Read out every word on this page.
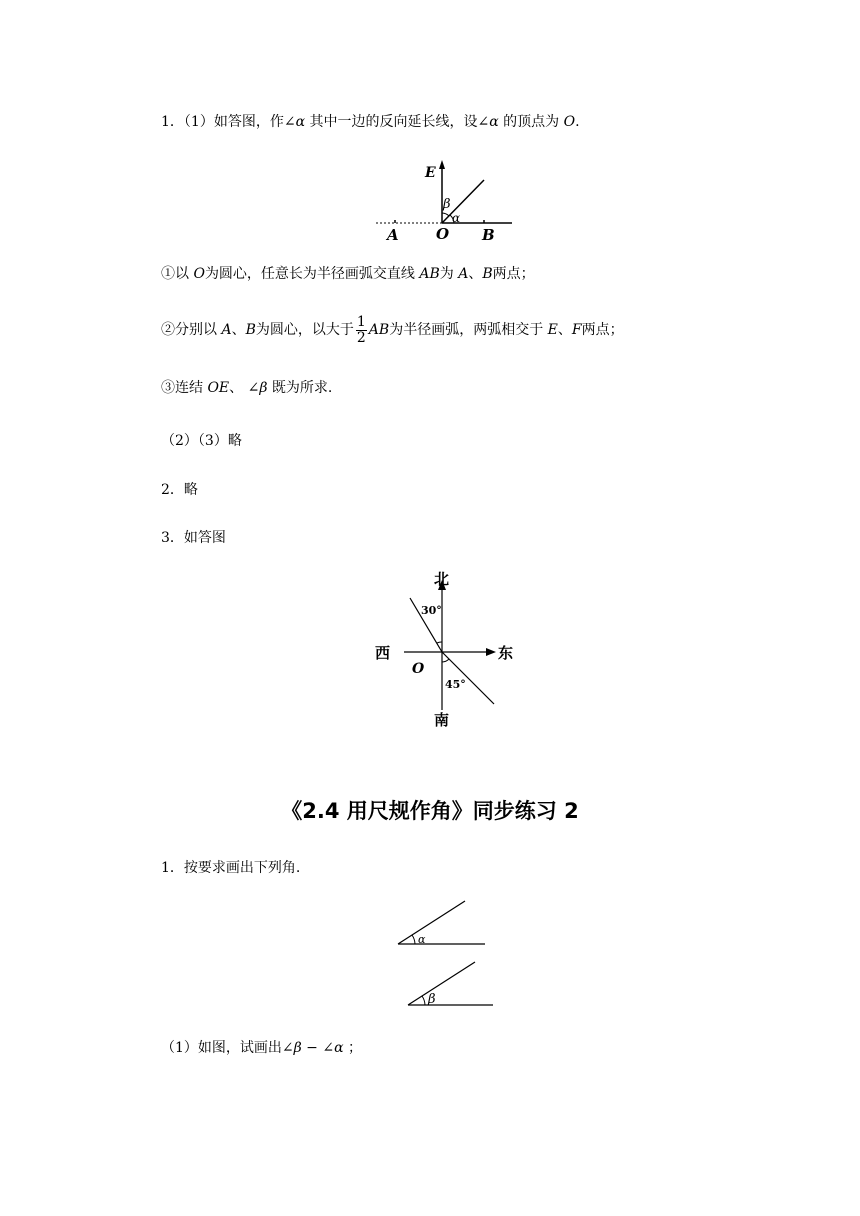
1．（1）如答图，作∠α 其中一边的反向延长线，设∠α 的顶点为 O.
E
β
α
A O B
①以 O为圆心，任意长为半径画弧交直线 AB为 A、B两点；
②分别以 A、B为圆心，以大于 $\frac{1}{2}$ AB为半径画弧，两弧相交于 E、F两点；
③连结 OE、 ∠β 既为所求.
（2）（3）略
2．略
3．如答图
北
南
西	东
O
30°
45°
《2.4 用尺规作角》同步练习 2
1．按要求画出下列角.
α
β
（1）如图，试画出∠β − ∠α ；
